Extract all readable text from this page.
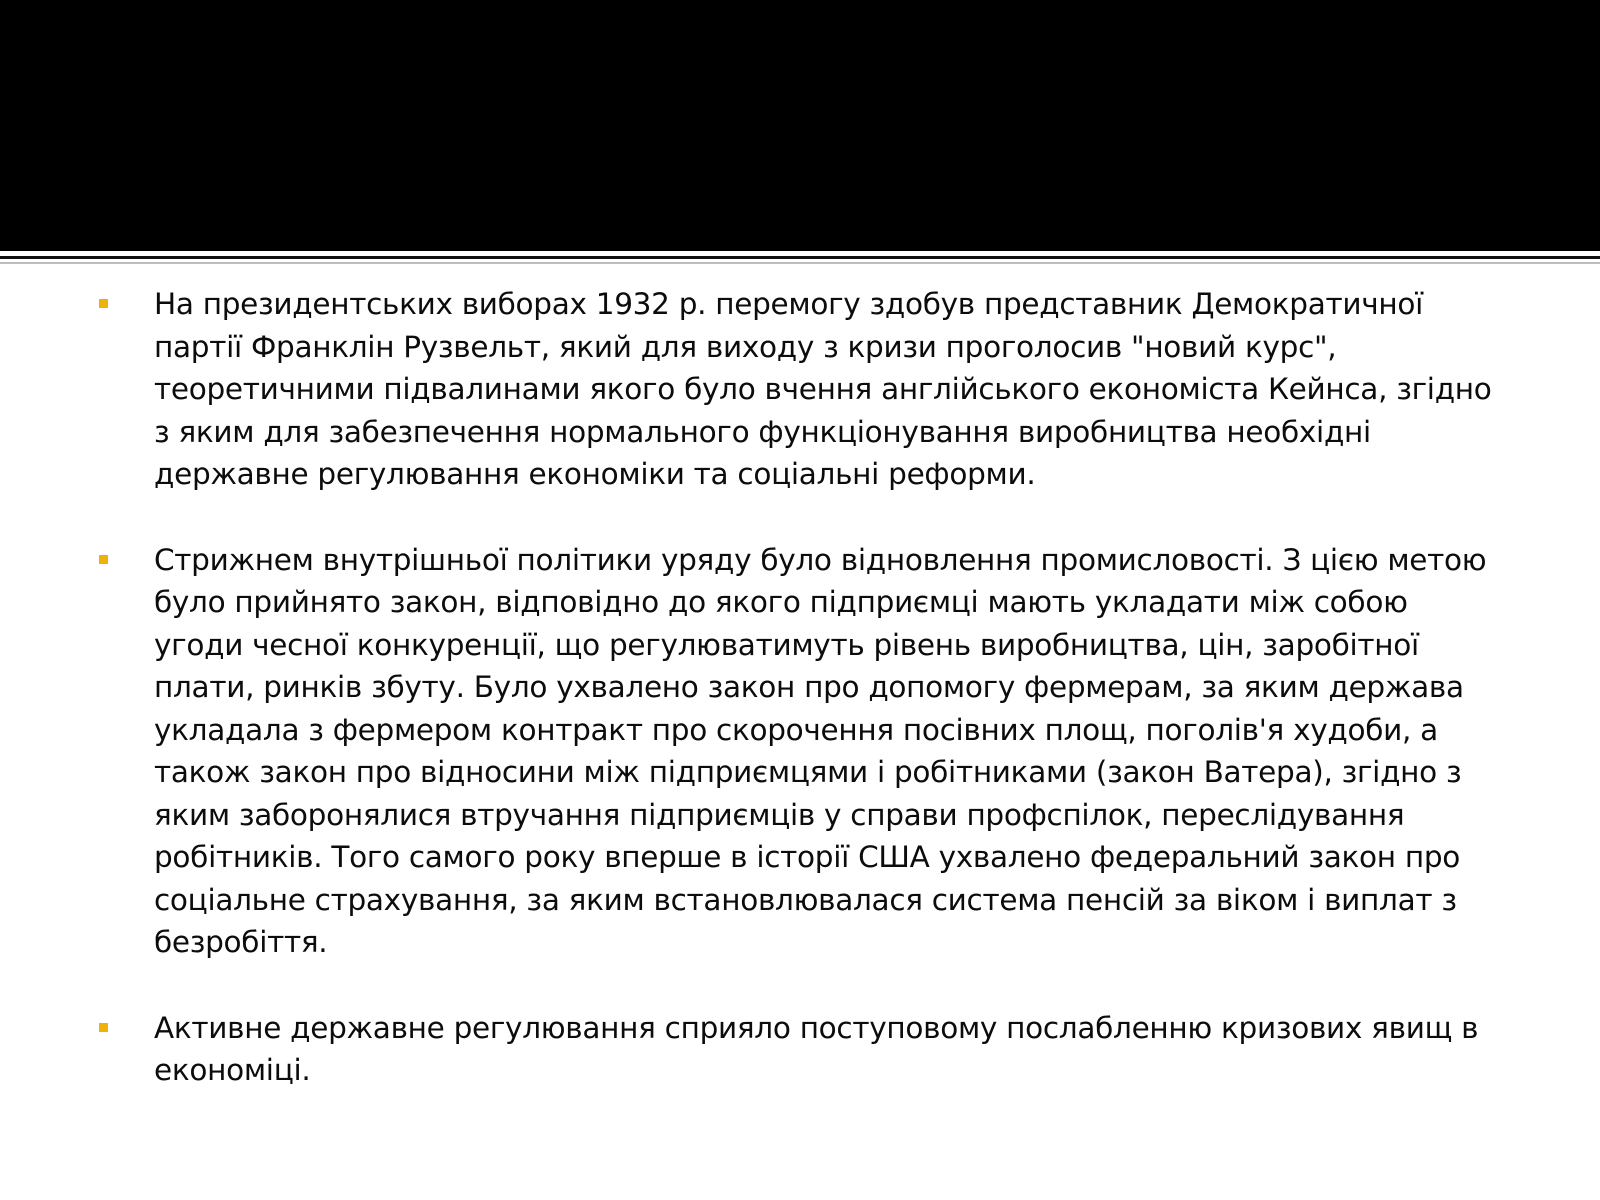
На президентських виборах 1932 р. перемогу здобув представник Демократичної партії Франклін Рузвельт, який для виходу з кризи проголосив "новий курс", теоретичними підвалинами якого було вчення англійського економіста Кейнса, згідно з яким для забезпечення нормального функціонування виробництва необхідні державне регулювання економіки та соціальні реформи.
Стрижнем внутрішньої політики уряду було відновлення промисловості. З цією метою було прийнято закон, відповідно до якого підприємці мають укладати між собою угоди чесної конкуренції, що регулюватимуть рівень виробництва, цін, заробітної плати, ринків збуту. Було ухвалено закон про допомогу фермерам, за яким держава укладала з фермером контракт про скорочення посівних площ, поголів'я худоби, а також закон про відносини між підприємцями і робітниками (закон Ватера), згідно з яким заборонялися втручання підприємців у справи профспілок, переслідування робітників. Того самого року вперше в історії США ухвалено федеральний закон про соціальне страхування, за яким встановлювалася система пенсій за віком і виплат з безробіття.
Активне державне регулювання сприяло поступовому послабленню кризових явищ в економіці.
